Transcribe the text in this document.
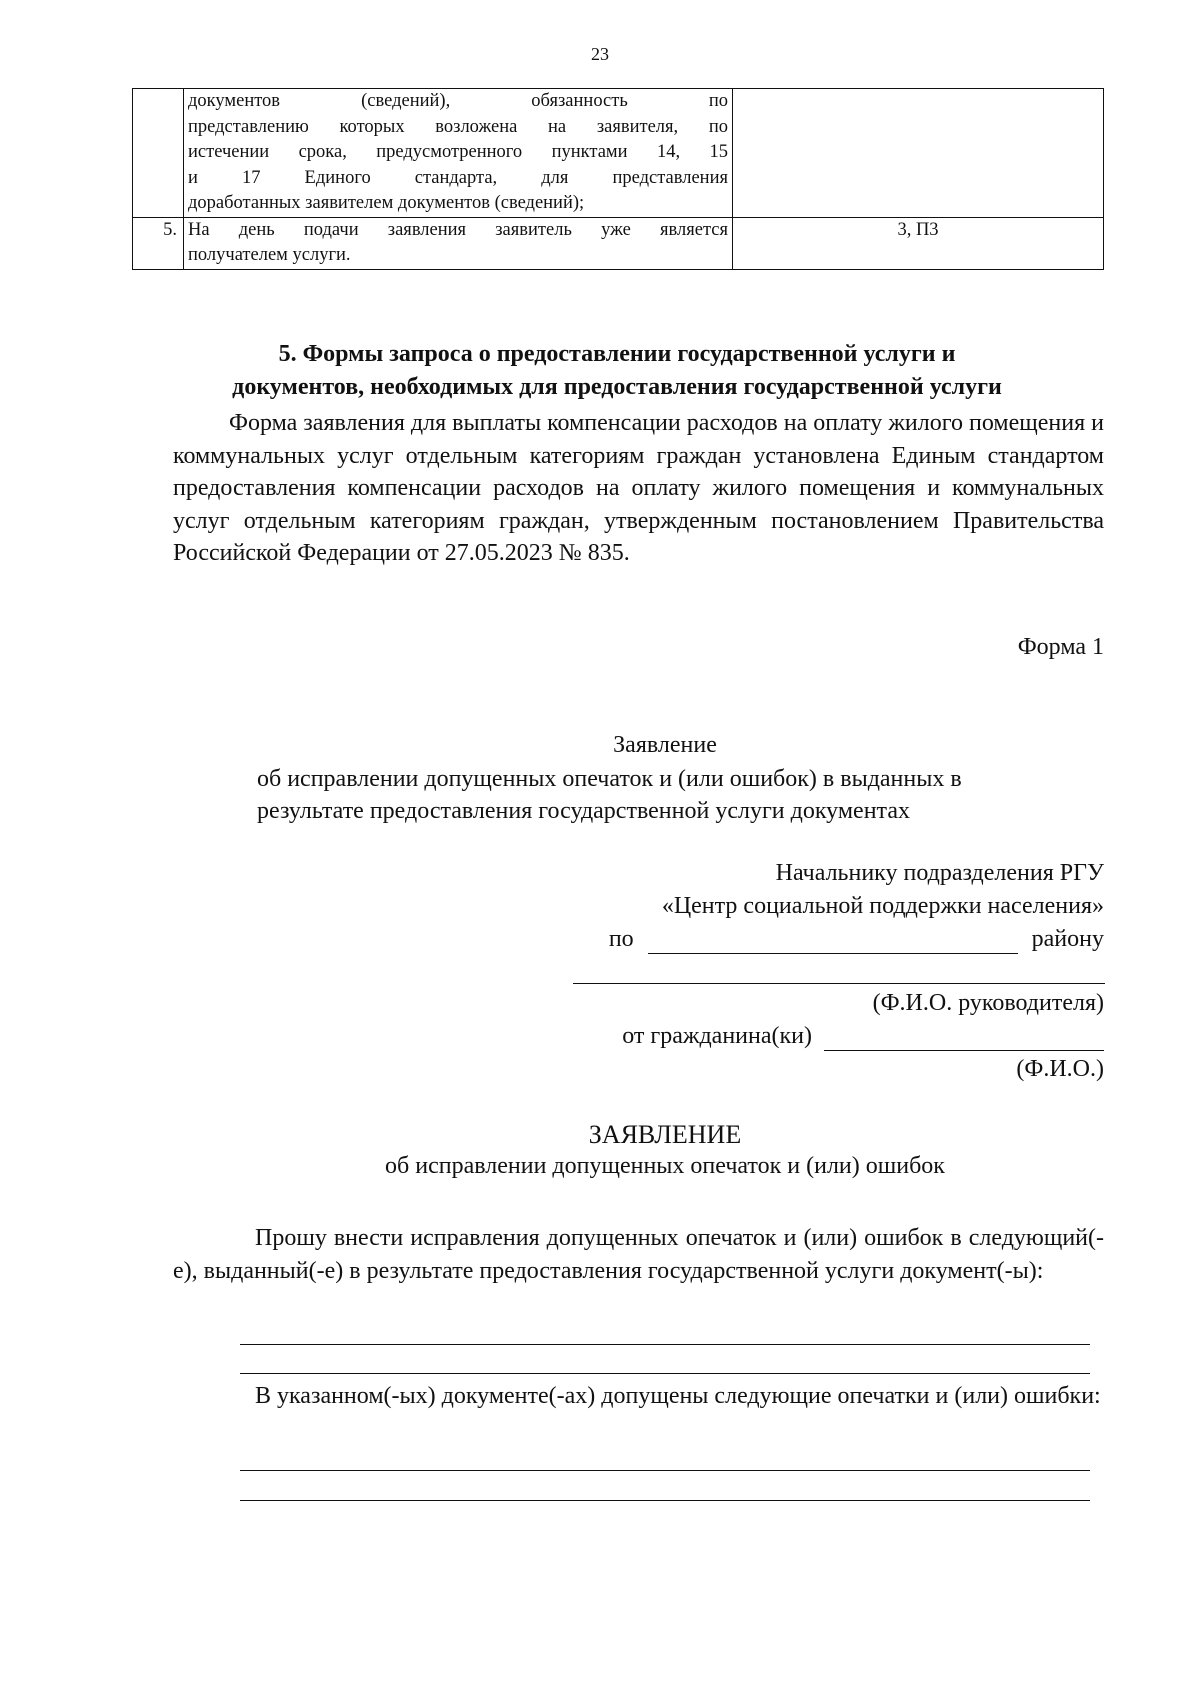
23

	документов (сведений), обязанность по
представлению которых возложена на заявителя, по
истечении срока, предусмотренного пунктами 14, 15
и 17 Единого стандарта, для представления
доработанных заявителем документов (сведений);	

5.	На день подачи заявления заявитель уже является
получателем услуги.	3, П3
5. Формы запроса о предоставлении государственной услуги и
документов, необходимых для предоставления государственной услуги
Форма заявления для выплаты компенсации расходов на оплату жилого помещения и коммунальных услуг отдельным категориям граждан установлена Единым стандартом предоставления компенсации расходов на оплату жилого помещения и коммунальных услуг отдельным категориям граждан, утвержденным постановлением Правительства Российской Федерации от 27.05.2023 № 835.
Форма 1
Заявление
об исправлении допущенных опечаток и (или ошибок) в выданных в
результате предоставления государственной услуги документах
Начальнику подразделения РГУ
«Центр социальной поддержки населения»
по	району
(Ф.И.О. руководителя)
от гражданина(ки)
(Ф.И.О.)
ЗАЯВЛЕНИЕ
об исправлении допущенных опечаток и (или) ошибок
Прошу внести исправления допущенных опечаток и (или) ошибок в следующий(-е), выданный(-е) в результате предоставления государственной услуги документ(-ы):
В указанном(-ых) документе(-ах) допущены следующие опечатки и (или) ошибки:
